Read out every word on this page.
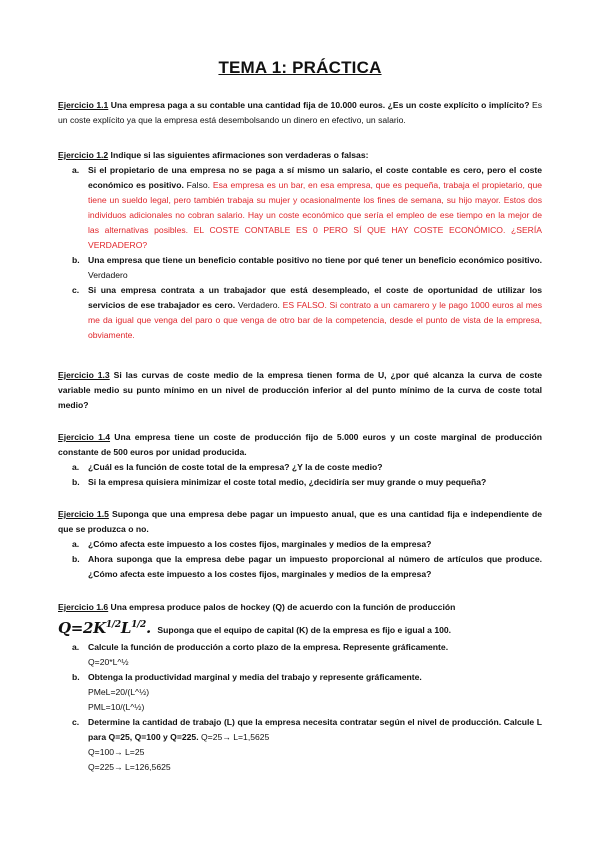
TEMA 1: PRÁCTICA
Ejercicio 1.1 Una empresa paga a su contable una cantidad fija de 10.000 euros. ¿Es un coste explícito o implícito? Es un coste explícito ya que la empresa está desembolsando un dinero en efectivo, un salario.
Ejercicio 1.2 Indique si las siguientes afirmaciones son verdaderas o falsas:
a. Si el propietario de una empresa no se paga a sí mismo un salario, el coste contable es cero, pero el coste económico es positivo. Falso. Esa empresa es un bar, en esa empresa, que es pequeña, trabaja el propietario, que tiene un sueldo legal, pero también trabaja su mujer y ocasionalmente los fines de semana, su hijo mayor. Estos dos individuos adicionales no cobran salario. Hay un coste económico que sería el empleo de ese tiempo en la mejor de las alternativas posibles. EL COSTE CONTABLE ES 0 PERO SÍ QUE HAY COSTE ECONÓMICO. ¿SERÍA VERDADERO?
b. Una empresa que tiene un beneficio contable positivo no tiene por qué tener un beneficio económico positivo. Verdadero
c. Si una empresa contrata a un trabajador que está desempleado, el coste de oportunidad de utilizar los servicios de ese trabajador es cero. Verdadero. ES FALSO. Si contrato a un camarero y le pago 1000 euros al mes me da igual que venga del paro o que venga de otro bar de la competencia, desde el punto de vista de la empresa, obviamente.
Ejercicio 1.3 Si las curvas de coste medio de la empresa tienen forma de U, ¿por qué alcanza la curva de coste variable medio su punto mínimo en un nivel de producción inferior al del punto mínimo de la curva de coste total medio?
Ejercicio 1.4 Una empresa tiene un coste de producción fijo de 5.000 euros y un coste marginal de producción constante de 500 euros por unidad producida.
a. ¿Cuál es la función de coste total de la empresa? ¿Y la de coste medio?
b. Si la empresa quisiera minimizar el coste total medio, ¿decidiría ser muy grande o muy pequeña?
Ejercicio 1.5 Suponga que una empresa debe pagar un impuesto anual, que es una cantidad fija e independiente de que se produzca o no.
a. ¿Cómo afecta este impuesto a los costes fijos, marginales y medios de la empresa?
b. Ahora suponga que la empresa debe pagar un impuesto proporcional al número de artículos que produce. ¿Cómo afecta este impuesto a los costes fijos, marginales y medios de la empresa?
Ejercicio 1.6 Una empresa produce palos de hockey (Q) de acuerdo con la función de producción
$Q=2K^{1/2}L^{1/2}$. Suponga que el equipo de capital (K) de la empresa es fijo e igual a 100.
a. Calcule la función de producción a corto plazo de la empresa. Represente gráficamente.
Q=20*L^½
b. Obtenga la productividad marginal y media del trabajo y represente gráficamente.
PMeL=20/(L^½)
PML=10/(L^½)
c. Determine la cantidad de trabajo (L) que la empresa necesita contratar según el nivel de producción. Calcule L para Q=25, Q=100 y Q=225. Q=25→ L=1,5625
Q=100→ L=25
Q=225→ L=126,5625
